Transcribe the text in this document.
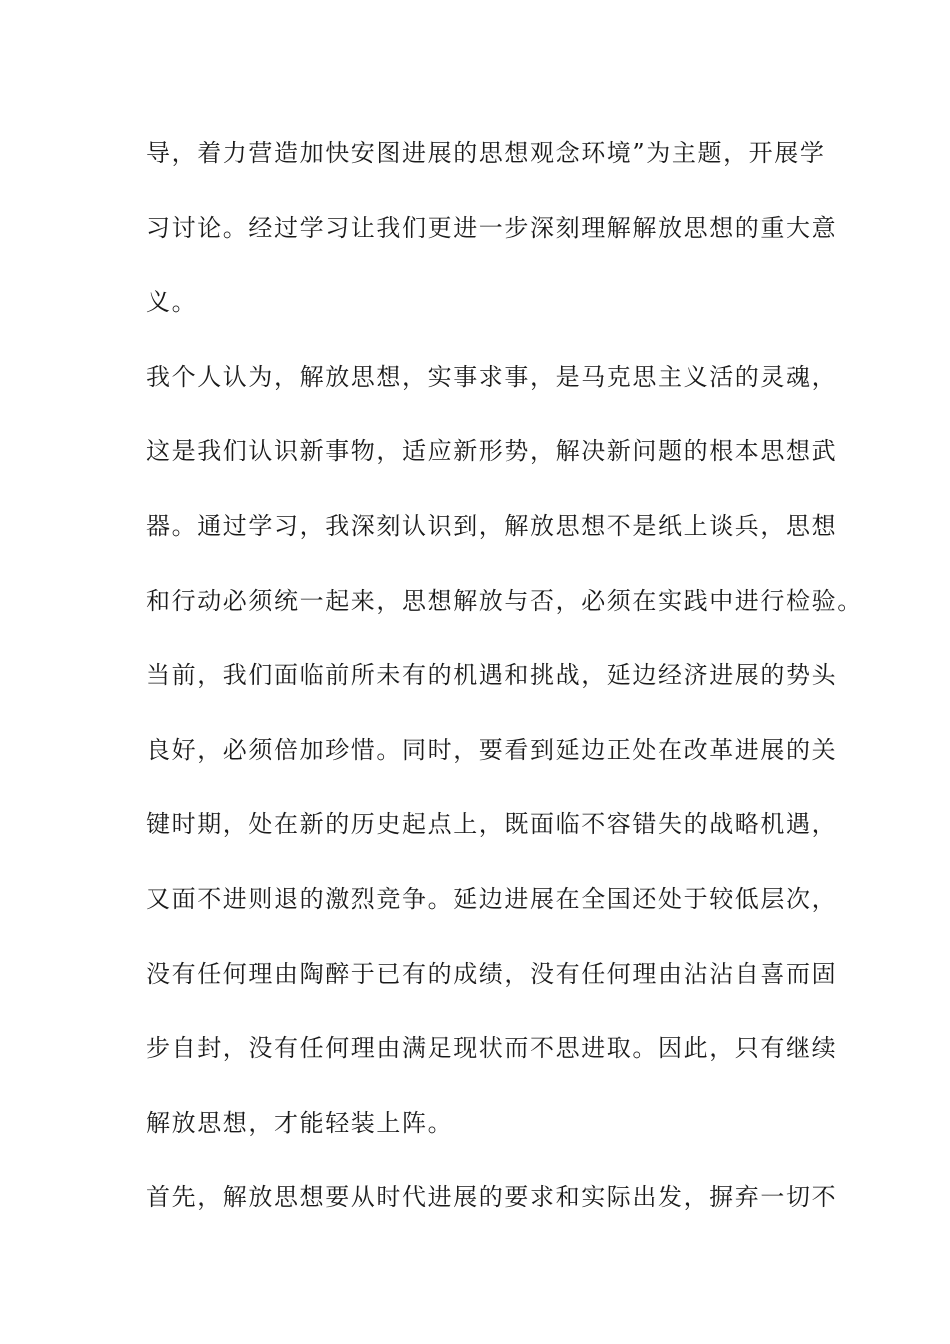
导，着力营造加快安图进展的思想观念环境”为主题，开展学
习讨论。经过学习让我们更进一步深刻理解解放思想的重大意
义。
我个人认为，解放思想，实事求事，是马克思主义活的灵魂，
这是我们认识新事物，适应新形势，解决新问题的根本思想武
器。通过学习，我深刻认识到，解放思想不是纸上谈兵，思想
和行动必须统一起来，思想解放与否，必须在实践中进行检验。
当前，我们面临前所未有的机遇和挑战，延边经济进展的势头
良好，必须倍加珍惜。同时，要看到延边正处在改革进展的关
键时期，处在新的历史起点上，既面临不容错失的战略机遇，
又面不进则退的激烈竞争。延边进展在全国还处于较低层次，
没有任何理由陶醉于已有的成绩，没有任何理由沾沾自喜而固
步自封，没有任何理由满足现状而不思进取。因此，只有继续
解放思想，才能轻装上阵。
首先，解放思想要从时代进展的要求和实际出发，摒弃一切不
